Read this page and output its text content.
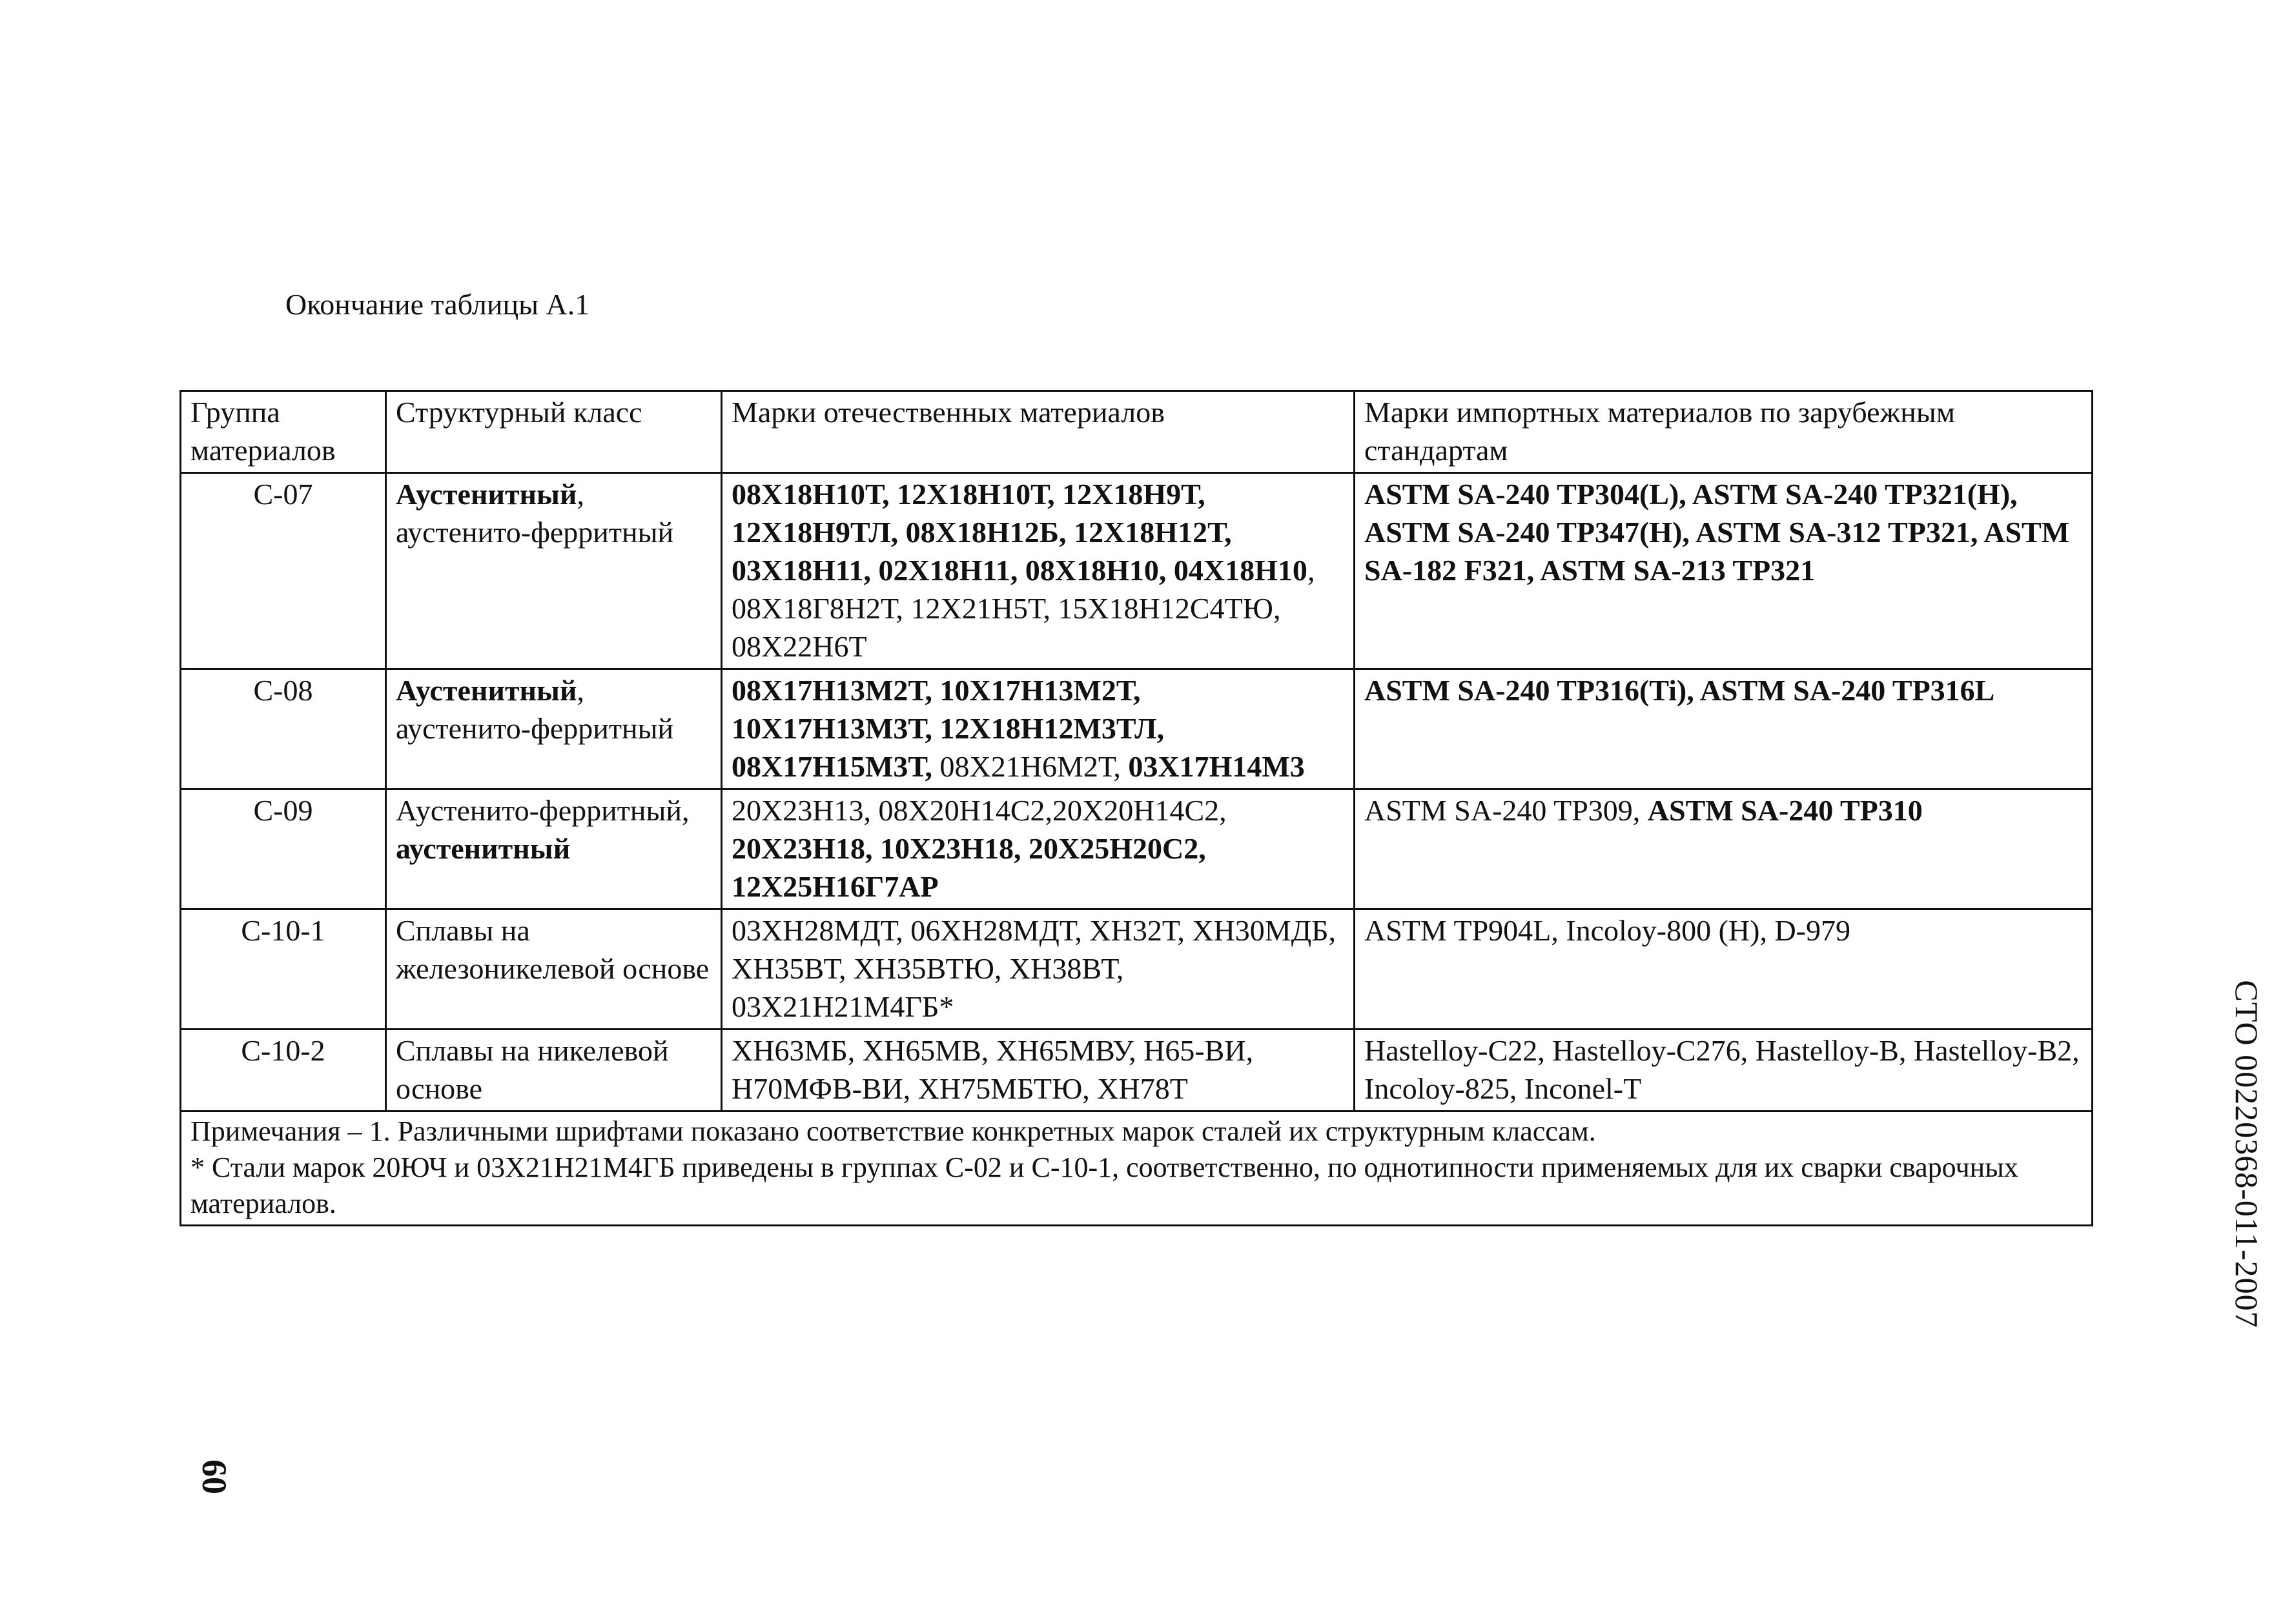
Окончание таблицы А.1
Группа материалов	Структурный класс	Марки отечественных материалов	Марки импортных материалов по зарубежным стандартам
С-07	Аустенитный, аустенито-ферритный	08Х18Н10Т, 12Х18Н10Т, 12Х18Н9Т, 12Х18Н9ТЛ, 08Х18Н12Б, 12Х18Н12Т, 03Х18Н11, 02Х18Н11, 08Х18Н10, 04Х18Н10, 08Х18Г8Н2Т, 12Х21Н5Т, 15Х18Н12С4ТЮ, 08Х22Н6Т	ASTM SA-240 TP304(L), ASTM SA-240 TP321(H), ASTM SA-240 TP347(H), ASTM SA-312 TP321, ASTM SA-182 F321, ASTM SA-213 TP321
С-08	Аустенитный, аустенито-ферритный	08Х17Н13М2Т, 10Х17Н13М2Т, 10Х17Н13М3Т, 12Х18Н12М3ТЛ, 08Х17Н15М3Т, 08Х21Н6М2Т, 03Х17Н14М3	ASTM SA-240 TP316(Ti), ASTM SA-240 TP316L
С-09	Аустенито-ферритный, аустенитный	20Х23Н13, 08Х20Н14С2,20Х20Н14С2, 20Х23Н18, 10Х23Н18, 20Х25Н20С2, 12Х25Н16Г7АР	ASTM SA-240 TP309, ASTM SA-240 TP310
С-10-1	Сплавы на железоникелевой основе	03ХН28МДТ, 06ХН28МДТ, ХН32Т, ХН30МДБ, ХН35ВТ, ХН35ВТЮ, ХН38ВТ, 03Х21Н21М4ГБ*	ASTM TP904L, Incoloy-800 (H), D-979
С-10-2	Сплавы на никелевой основе	ХН63МБ, ХН65МВ, ХН65МВУ, Н65-ВИ, Н70МФВ-ВИ, ХН75МБТЮ, ХН78Т	Hastelloy-C22, Hastelloy-C276, Hastelloy-B, Hastelloy-B2, Incoloy-825, Inconel-T

Примечания – 1. Различными шрифтами показано соответствие конкретных марок сталей их структурным классам.
* Стали марок 20ЮЧ и 03Х21Н21М4ГБ приведены в группах С-02 и С-10-1, соответственно, по однотипности применяемых для их сварки сварочных материалов.				СТО 00220368-011-2007
60
